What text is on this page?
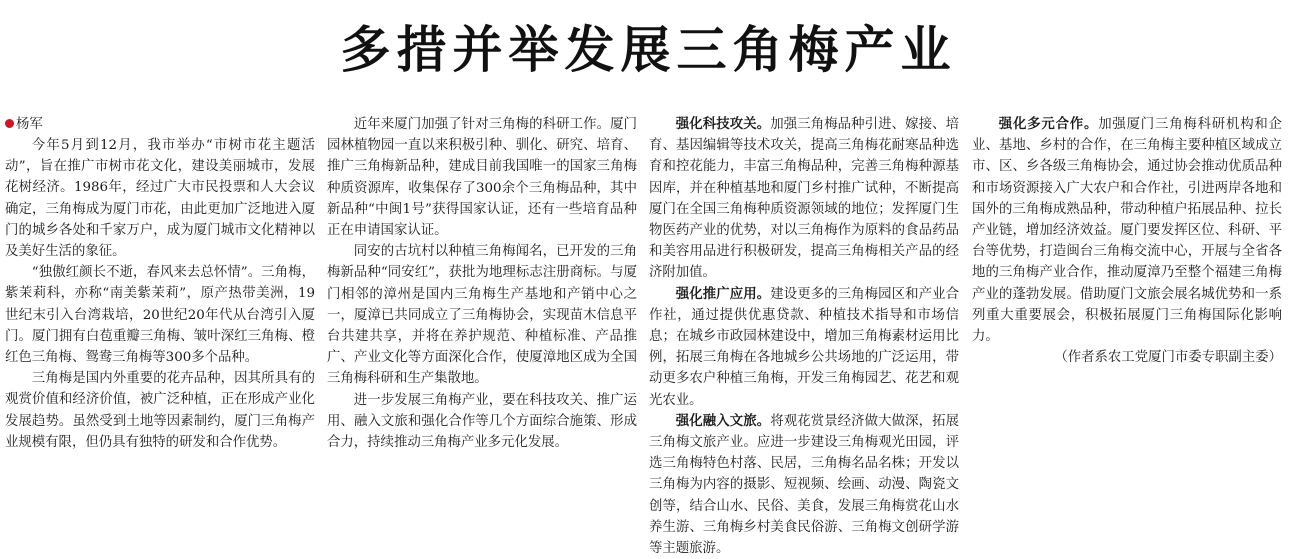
多措并举发展三角梅产业
杨军

今年5月到12月，我市举办“市树市花主题活动”，旨在推广市树市花文化，建设美丽城市，发展花树经济。1986年，经过广大市民投票和人大会议确定，三角梅成为厦门市花，由此更加广泛地进入厦门的城乡各处和千家万户，成为厦门城市文化精神以及美好生活的象征。

“独傲红颜长不逝，春风来去总怀情”。三角梅，紫茉莉科，亦称“南美紫茉莉”，原产热带美洲，19世纪末引入台湾栽培，20世纪20年代从台湾引入厦门。厦门拥有白苞重瓣三角梅、皱叶深红三角梅、橙红色三角梅、鸳鸯三角梅等300多个品种。

三角梅是国内外重要的花卉品种，因其所具有的观赏价值和经济价值，被广泛种植，正在形成产业化发展趋势。虽然受到土地等因素制约，厦门三角梅产业规模有限，但仍具有独特的研发和合作优势。

近年来厦门加强了针对三角梅的科研工作。厦门园林植物园一直以来积极引种、驯化、研究、培育、推广三角梅新品种，建成目前我国唯一的国家三角梅种质资源库，收集保存了300余个三角梅品种，其中新品种“中闽1号”获得国家认证，还有一些培育品种正在申请国家认证。

同安的古坑村以种植三角梅闻名，已开发的三角梅新品种“同安红”，获批为地理标志注册商标。与厦门相邻的漳州是国内三角梅生产基地和产销中心之一，厦漳已共同成立了三角梅协会，实现苗木信息平台共建共享，并将在养护规范、种植标准、产品推广、产业文化等方面深化合作，使厦漳地区成为全国三角梅科研和生产集散地。

进一步发展三角梅产业，要在科技攻关、推广运用、融入文旅和强化合作等几个方面综合施策、形成合力，持续推动三角梅产业多元化发展。

强化科技攻关。加强三角梅品种引进、嫁接、培育、基因编辑等技术攻关，提高三角梅花耐寒品种选育和控花能力，丰富三角梅品种，完善三角梅种源基因库，并在种植基地和厦门乡村推广试种，不断提高厦门在全国三角梅种质资源领域的地位；发挥厦门生物医药产业的优势，对以三角梅作为原料的食品药品和美容用品进行积极研发，提高三角梅相关产品的经济附加值。

强化推广应用。建设更多的三角梅园区和产业合作社，通过提供优惠贷款、种植技术指导和市场信息；在城乡市政园林建设中，增加三角梅素材运用比例，拓展三角梅在各地城乡公共场地的广泛运用，带动更多农户种植三角梅，开发三角梅园艺、花艺和观光农业。

强化融入文旅。将观花赏景经济做大做深，拓展三角梅文旅产业。应进一步建设三角梅观光田园，评选三角梅特色村落、民居，三角梅名品名株；开发以三角梅为内容的摄影、短视频、绘画、动漫、陶瓷文创等，结合山水、民俗、美食，发展三角梅赏花山水养生游、三角梅乡村美食民俗游、三角梅文创研学游等主题旅游。

强化多元合作。加强厦门三角梅科研机构和企业、基地、乡村的合作，在三角梅主要种植区域成立市、区、乡各级三角梅协会，通过协会推动优质品种和市场资源接入广大农户和合作社，引进两岸各地和国外的三角梅成熟品种，带动种植户拓展品种、拉长产业链，增加经济效益。厦门要发挥区位、科研、平台等优势，打造闽台三角梅交流中心，开展与全省各地的三角梅产业合作，推动厦漳乃至整个福建三角梅产业的蓬勃发展。借助厦门文旅会展名城优势和一系列重大重要展会，积极拓展厦门三角梅国际化影响力。

（作者系农工党厦门市委专职副主委）
